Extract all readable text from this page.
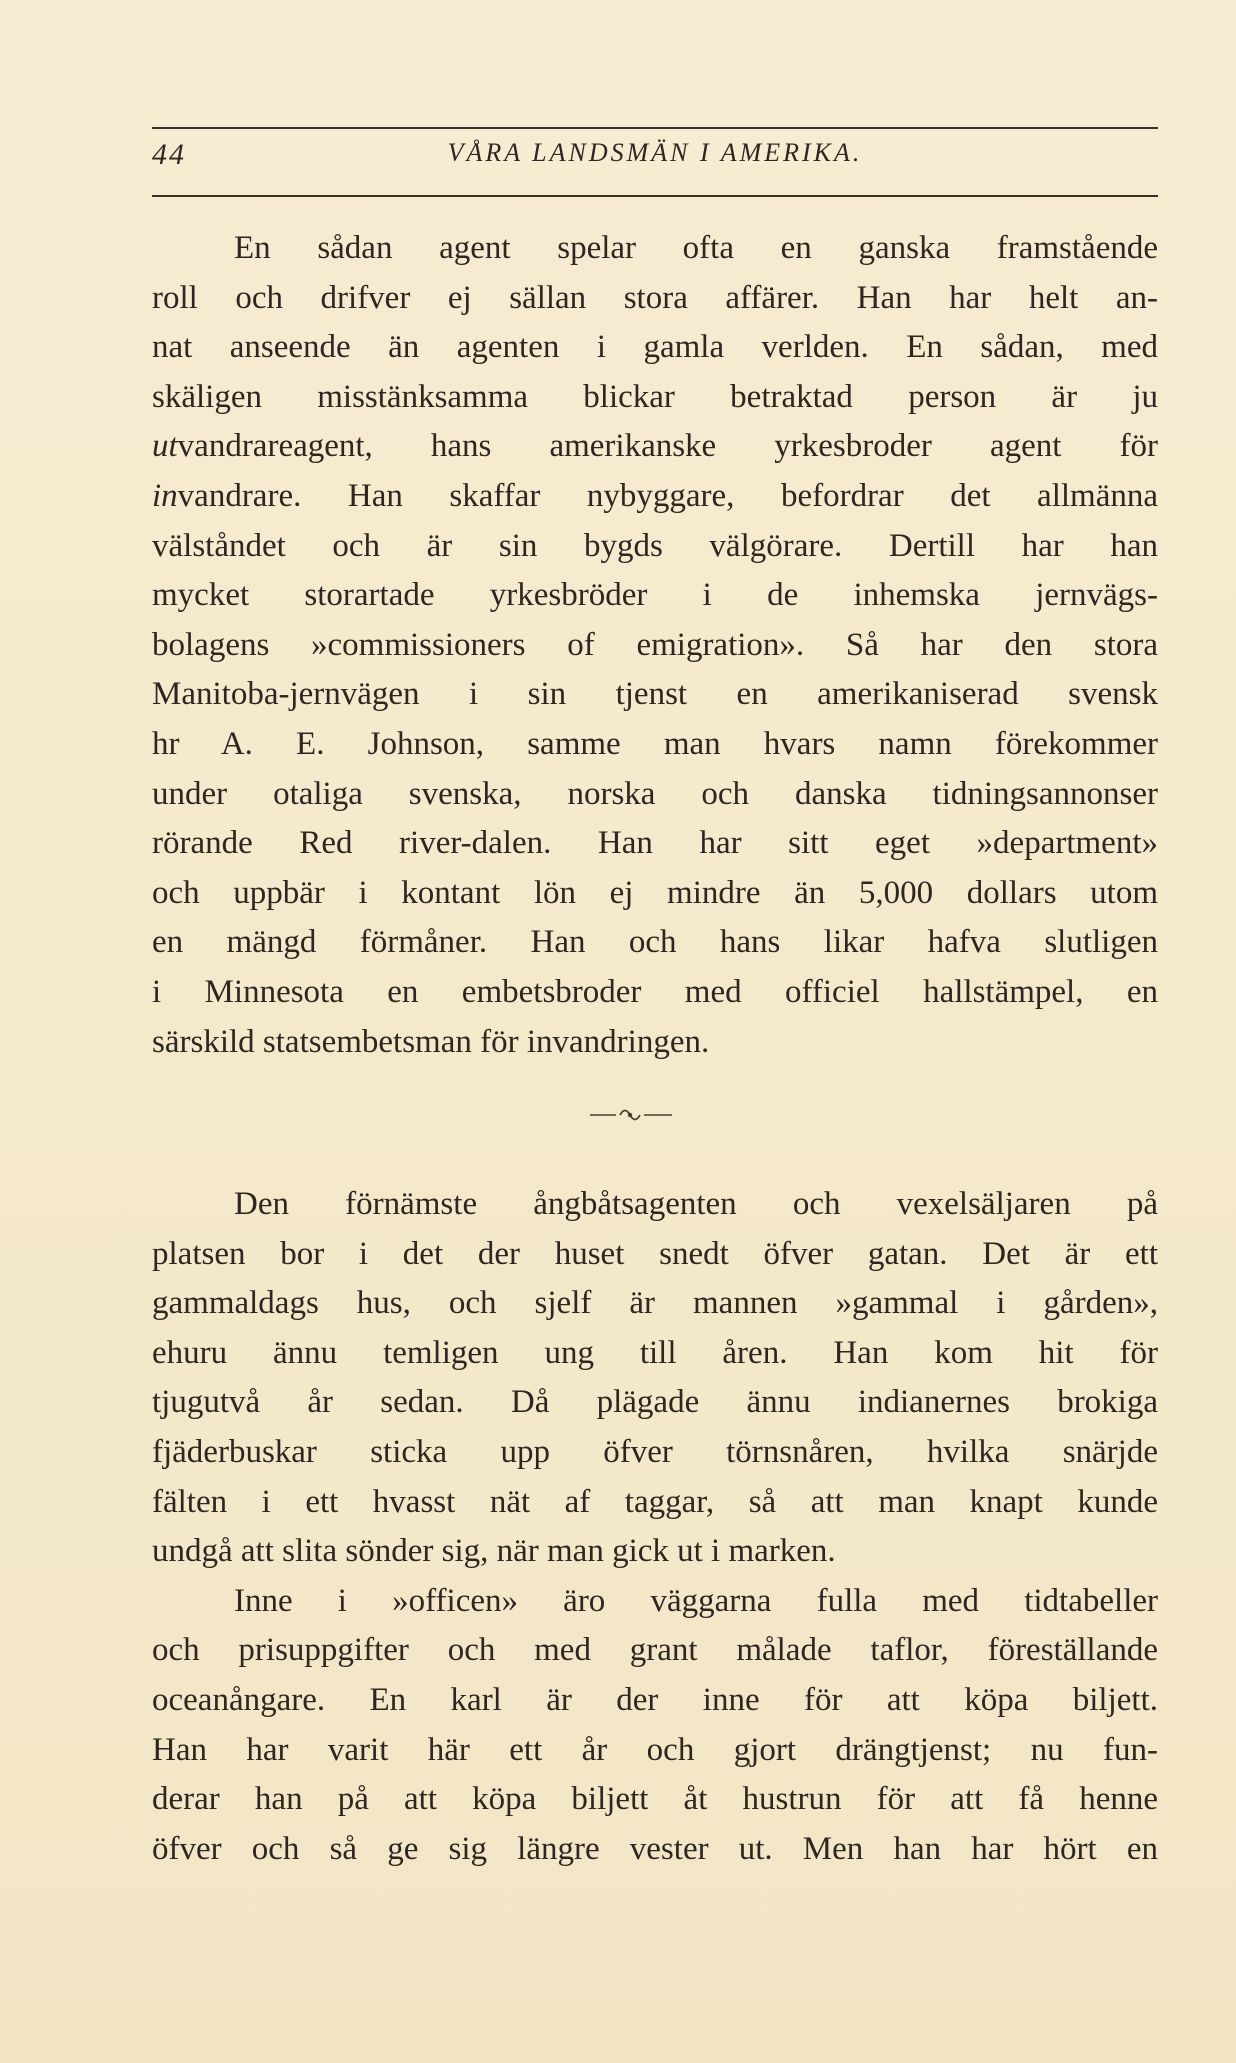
44	VÅRA LANDSMÄN I AMERIKA.
En sådan agent spelar ofta en ganska framstående
roll och drifver ej sällan stora affärer. Han har helt an-
nat anseende än agenten i gamla verlden. En sådan, med
skäligen misstänksamma blickar betraktad person är ju
utvandrareagent, hans amerikanske yrkesbroder agent för
invandrare. Han skaffar nybyggare, befordrar det allmänna
välståndet och är sin bygds välgörare. Dertill har han
mycket storartade yrkesbröder i de inhemska jernvägs-
bolagens »commissioners of emigration». Så har den stora
Manitoba-jernvägen i sin tjenst en amerikaniserad svensk
hr A. E. Johnson, samme man hvars namn förekommer
under otaliga svenska, norska och danska tidningsannonser
rörande Red river-dalen. Han har sitt eget »department»
och uppbär i kontant lön ej mindre än 5,000 dollars utom
en mängd förmåner. Han och hans likar hafva slutligen
i Minnesota en embetsbroder med officiel hallstämpel, en
särskild statsembetsman för invandringen.
Den förnämste ångbåtsagenten och vexelsäljaren på
platsen bor i det der huset snedt öfver gatan. Det är ett
gammaldags hus, och sjelf är mannen »gammal i gården»,
ehuru ännu temligen ung till åren. Han kom hit för
tjugutvå år sedan. Då plägade ännu indianernes brokiga
fjäderbuskar sticka upp öfver törnsnåren, hvilka snärjde
fälten i ett hvasst nät af taggar, så att man knapt kunde
undgå att slita sönder sig, när man gick ut i marken.
Inne i »officen» äro väggarna fulla med tidtabeller
och prisuppgifter och med grant målade taflor, föreställande
oceanångare. En karl är der inne för att köpa biljett.
Han har varit här ett år och gjort drängtjenst; nu fun-
derar han på att köpa biljett åt hustrun för att få henne
öfver och så ge sig längre vester ut. Men han har hört en
